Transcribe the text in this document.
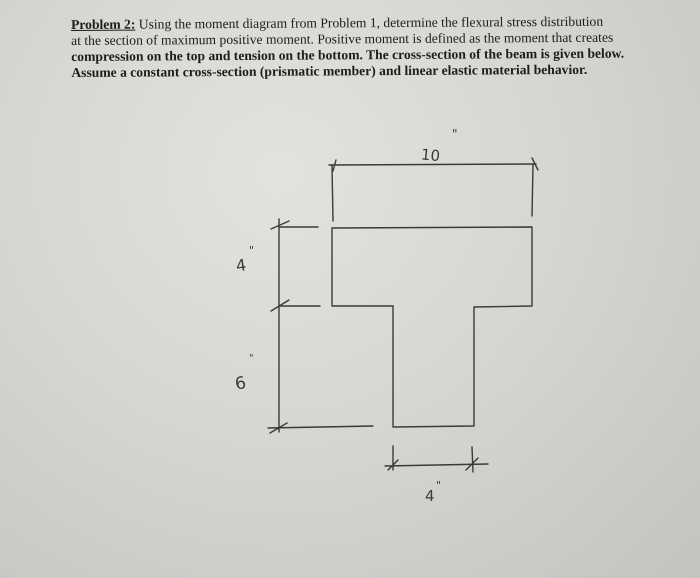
Problem 2: Using the moment diagram from Problem 1, determine the flexural stress distribution
at the section of maximum positive moment. Positive moment is defined as the moment that creates
compression on the top and tension on the bottom. The cross-section of the beam is given below.
Assume a constant cross-section (prismatic member) and linear elastic material behavior.

10
"
4
"
6
"
4
"
